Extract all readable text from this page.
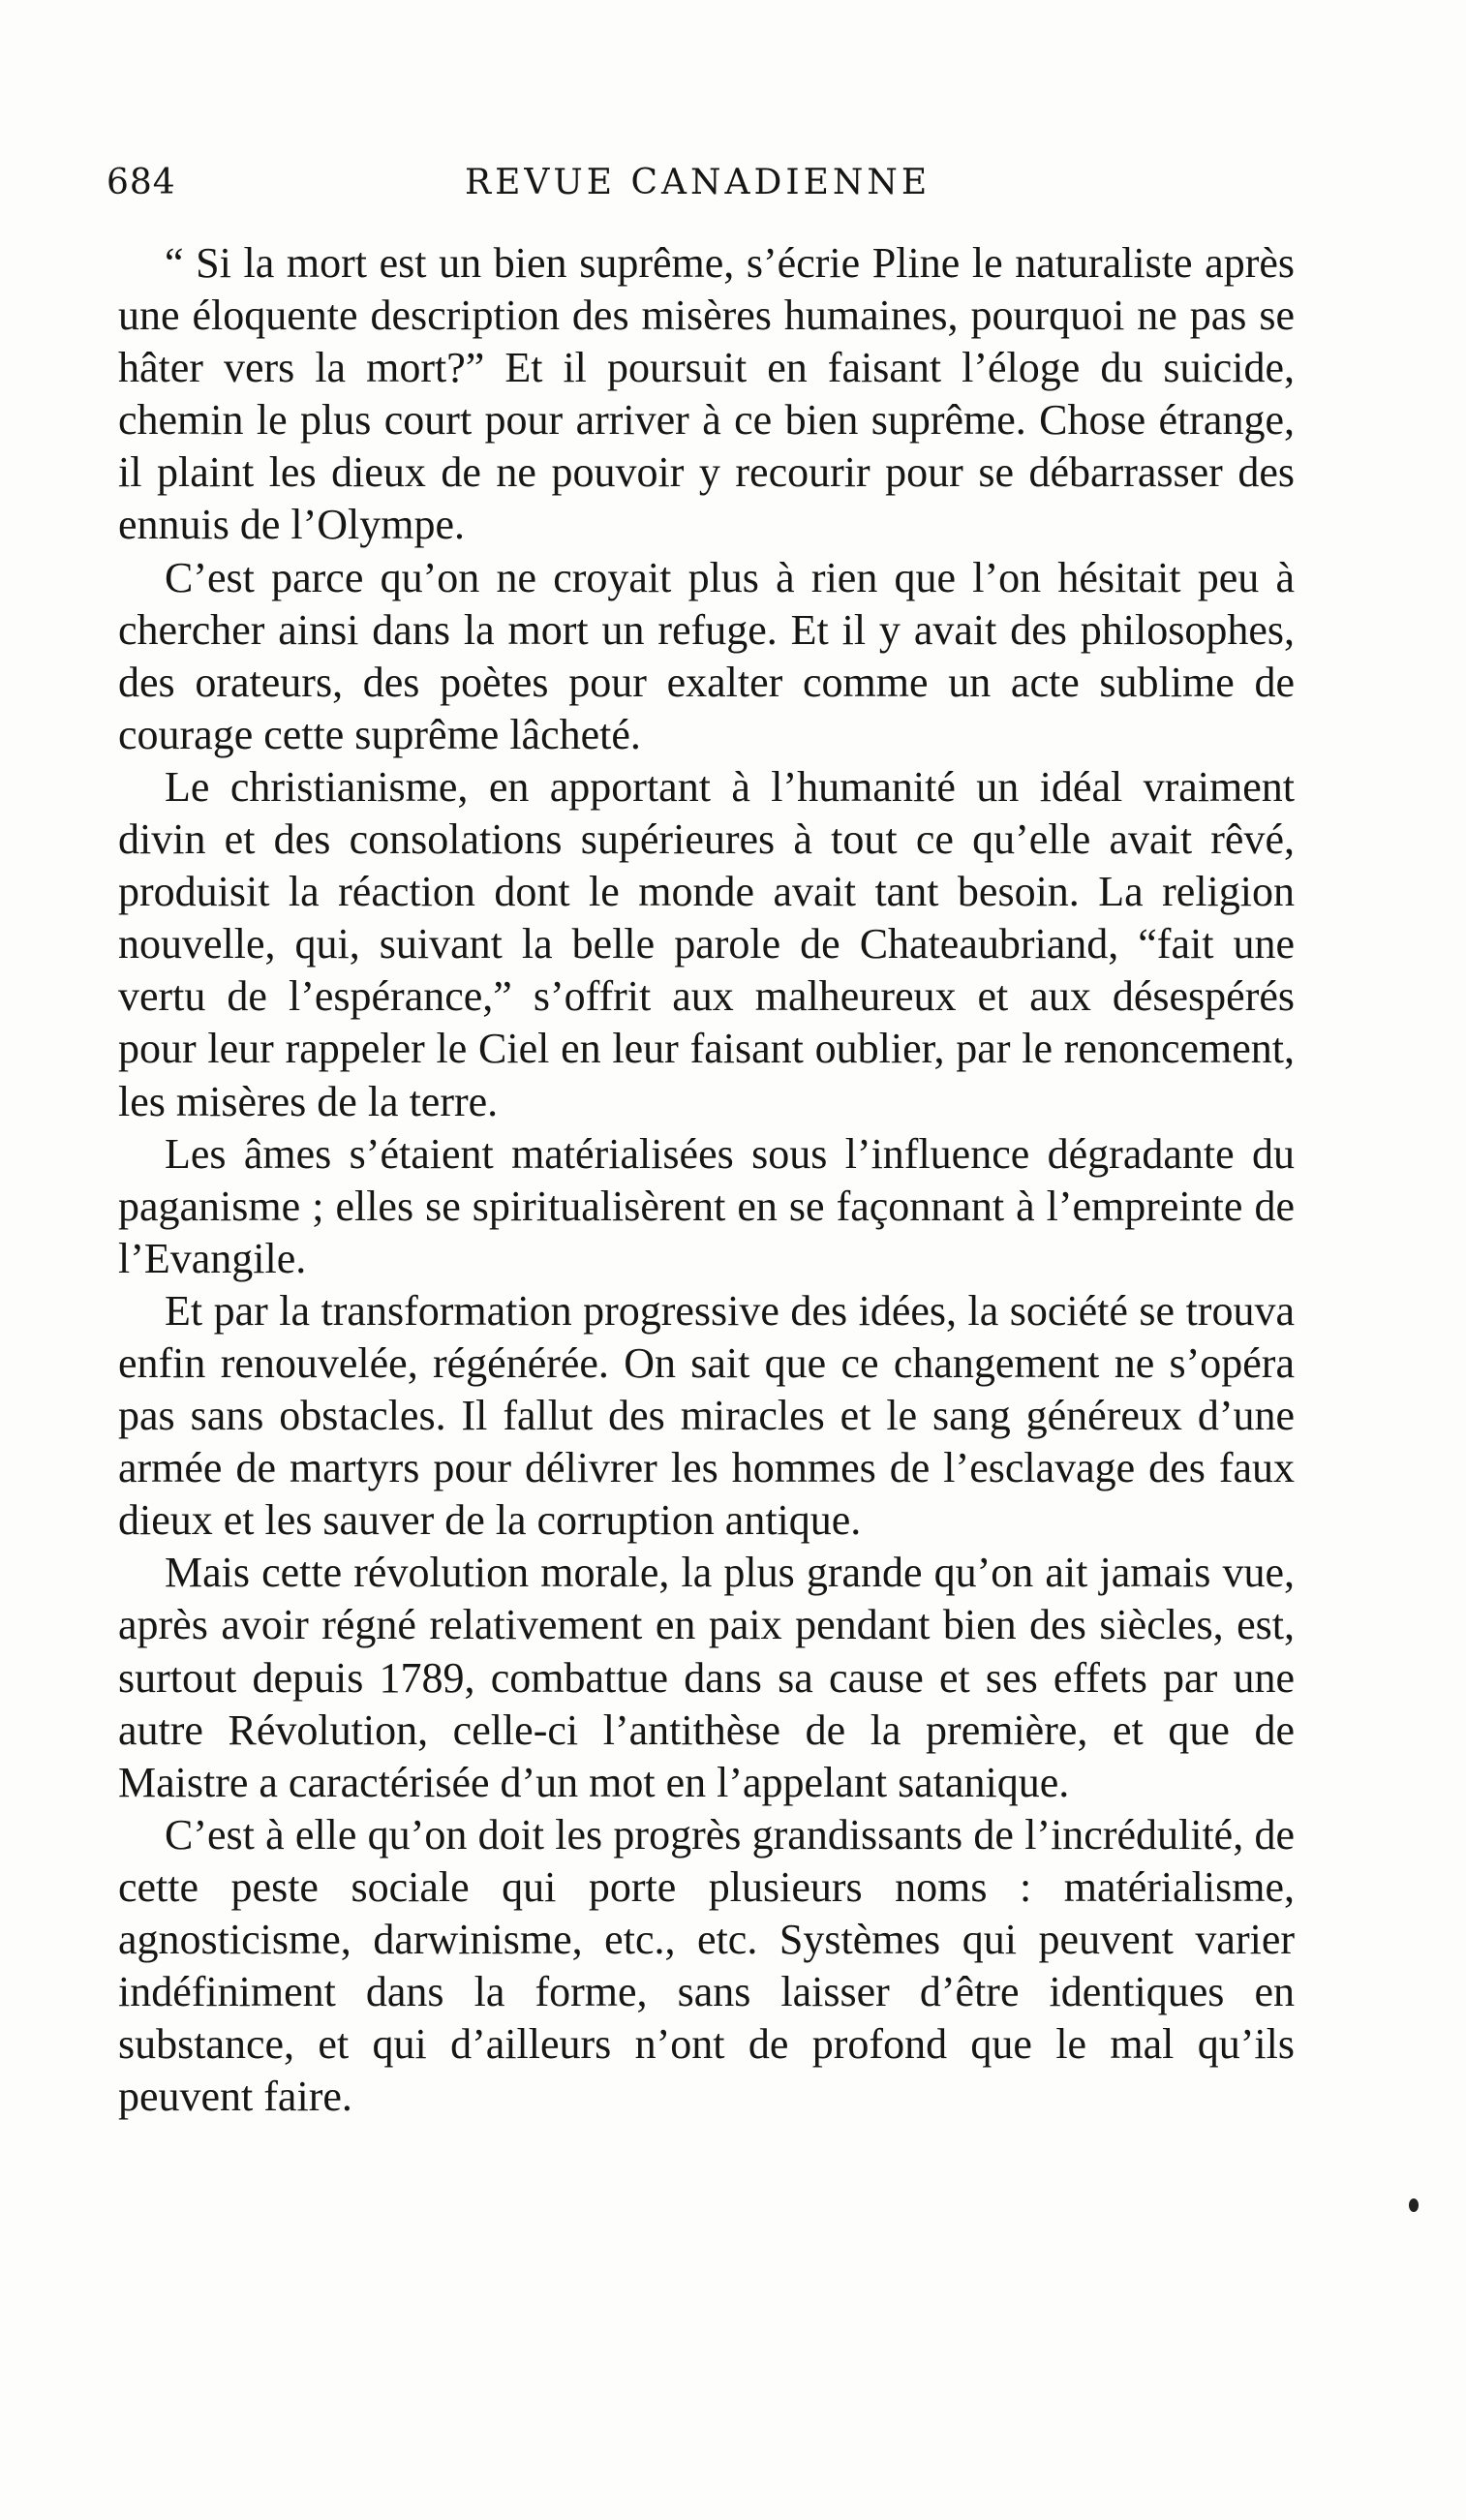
684	REVUE CANADIENNE

“ Si la mort est un bien suprême, s’écrie Pline le naturaliste après une éloquente description des misères humaines, pourquoi ne pas se hâter vers la mort?” Et il poursuit en faisant l’éloge du suicide, chemin le plus court pour arriver à ce bien suprême. Chose étrange, il plaint les dieux de ne pouvoir y recourir pour se débarrasser des ennuis de l’Olympe.

C’est parce qu’on ne croyait plus à rien que l’on hésitait peu à chercher ainsi dans la mort un refuge. Et il y avait des philosophes, des orateurs, des poètes pour exalter comme un acte sublime de courage cette suprême lâcheté.

Le christianisme, en apportant à l’humanité un idéal vraiment divin et des consolations supérieures à tout ce qu’elle avait rêvé, produisit la réaction dont le monde avait tant besoin. La religion nouvelle, qui, suivant la belle parole de Chateaubriand, “fait une vertu de l’espérance,” s’offrit aux malheureux et aux désespérés pour leur rappeler le Ciel en leur faisant oublier, par le renoncement, les misères de la terre.

Les âmes s’étaient matérialisées sous l’influence dégradante du paganisme ; elles se spiritualisèrent en se façonnant à l’empreinte de l’Evangile.

Et par la transformation progressive des idées, la société se trouva enfin renouvelée, régénérée. On sait que ce changement ne s’opéra pas sans obstacles. Il fallut des miracles et le sang généreux d’une armée de martyrs pour délivrer les hommes de l’esclavage des faux dieux et les sauver de la corruption antique.

Mais cette révolution morale, la plus grande qu’on ait jamais vue, après avoir régné relativement en paix pendant bien des siècles, est, surtout depuis 1789, combattue dans sa cause et ses effets par une autre Révolution, celle-ci l’antithèse de la première, et que de Maistre a caractérisée d’un mot en l’appelant satanique.

C’est à elle qu’on doit les progrès grandissants de l’incrédulité, de cette peste sociale qui porte plusieurs noms : matérialisme, agnosticisme, darwinisme, etc., etc. Systèmes qui peuvent varier indéfiniment dans la forme, sans laisser d’être identiques en substance, et qui d’ailleurs n’ont de profond que le mal qu’ils peuvent faire.
